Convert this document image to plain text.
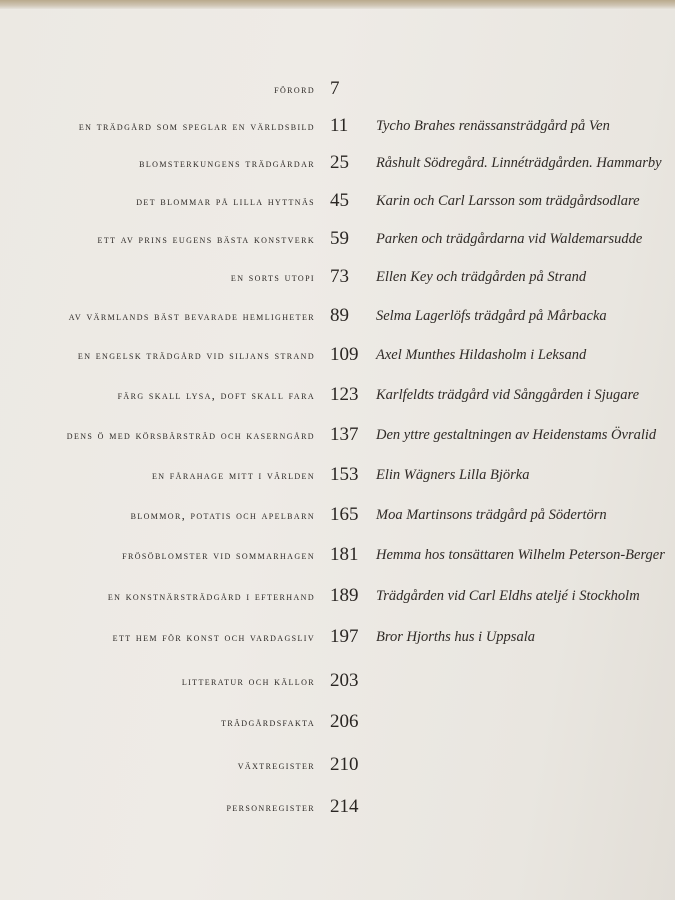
förord 7
en trädgård som speglar en världsbild 11	Tycho Brahes renässansträdgård på Ven
blomsterkungens trädgårdar 25	Råshult Södregård. Linnéträdgården. Hammarby
det blommar på lilla hyttnäs 45	Karin och Carl Larsson som trädgårdsodlare
ett av prins eugens bästa konstverk 59	Parken och trädgårdarna vid Waldemarsudde
en sorts utopi 73	Ellen Key och trädgården på Strand
av värmlands bäst bevarade hemligheter 89	Selma Lagerlöfs trädgård på Mårbacka
en engelsk trädgård vid siljans strand 109	Axel Munthes Hildasholm i Leksand
färg skall lysa, doft skall fara 123	Karlfeldts trädgård vid Sånggården i Sjugare
dens ö med körsbärsträd och kaserngård 137	Den yttre gestaltningen av Heidenstams Övralid
en fårahage mitt i världen 153	Elin Wägners Lilla Björka
blommor, potatis och apelbarn 165	Moa Martinsons trädgård på Södertörn
frösöblomster vid sommarhagen 181	Hemma hos tonsättaren Wilhelm Peterson-Berger
en konstnärsträdgård i efterhand 189	Trädgården vid Carl Eldhs ateljé i Stockholm
ett hem för konst och vardagsliv 197	Bror Hjorths hus i Uppsala
litteratur och källor 203
trädgårdsfakta 206
växtregister 210
personregister 214
